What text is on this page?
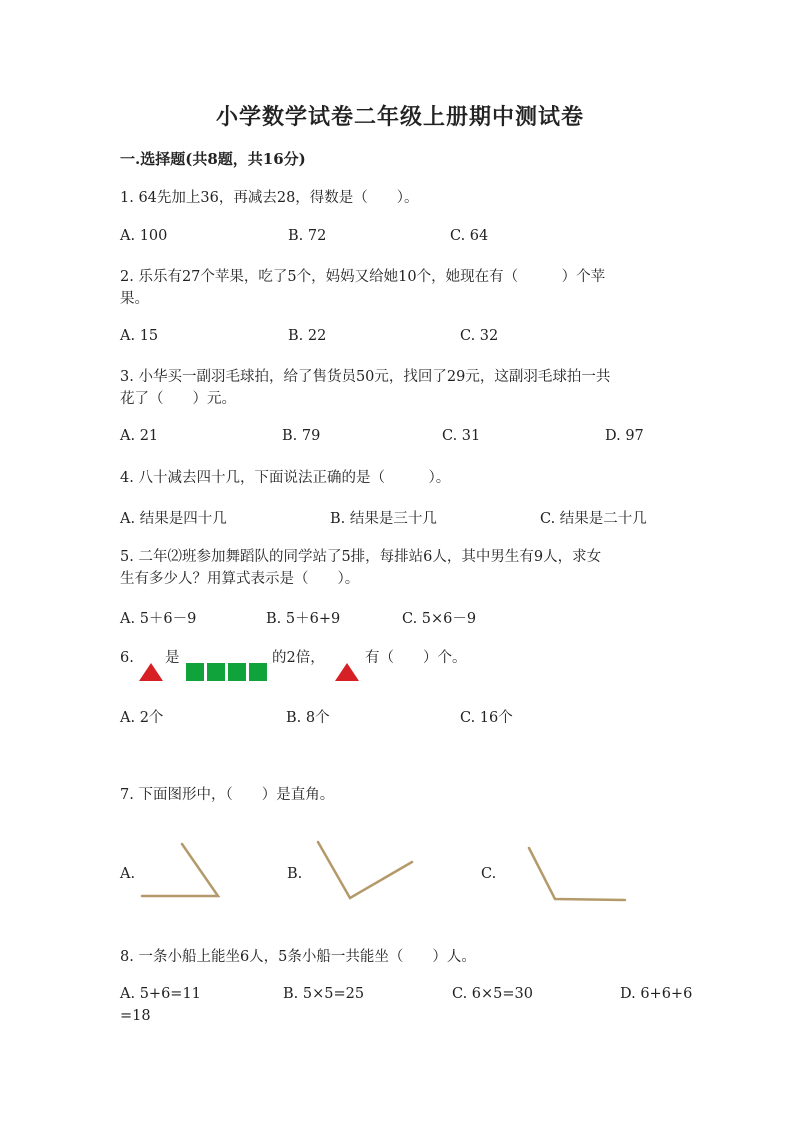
小学数学试卷二年级上册期中测试卷
一.选择题(共8题，共16分)
1. 64先加上36，再减去28，得数是（　　）。
A. 100	B. 72	C. 64
2. 乐乐有27个苹果，吃了5个，妈妈又给她10个，她现在有（　　　）个苹
果。
A. 15	B. 22	C. 32
3. 小华买一副羽毛球拍，给了售货员50元，找回了29元，这副羽毛球拍一共
花了（　　）元。
A. 21	B. 79	C. 31	D. 97
4. 八十减去四十几，下面说法正确的是（　　　）。
A. 结果是四十几	B. 结果是三十几	C. 结果是二十几
5. 二年⑵班参加舞蹈队的同学站了5排，每排站6人，其中男生有9人，求女
生有多少人？用算式表示是（　　）。
A. 5＋6－9	B. 5＋6+9	C. 5×6－9
6. 是	的2倍，	有（　　）个。
A. 2个	B. 8个	C. 16个
7. 下面图形中，（　　）是直角。
A.	B.	C.
8. 一条小船上能坐6人，5条小船一共能坐（　　）人。
A. 5+6=11	B. 5×5=25	C. 6×5=30	D. 6+6+6
=18
